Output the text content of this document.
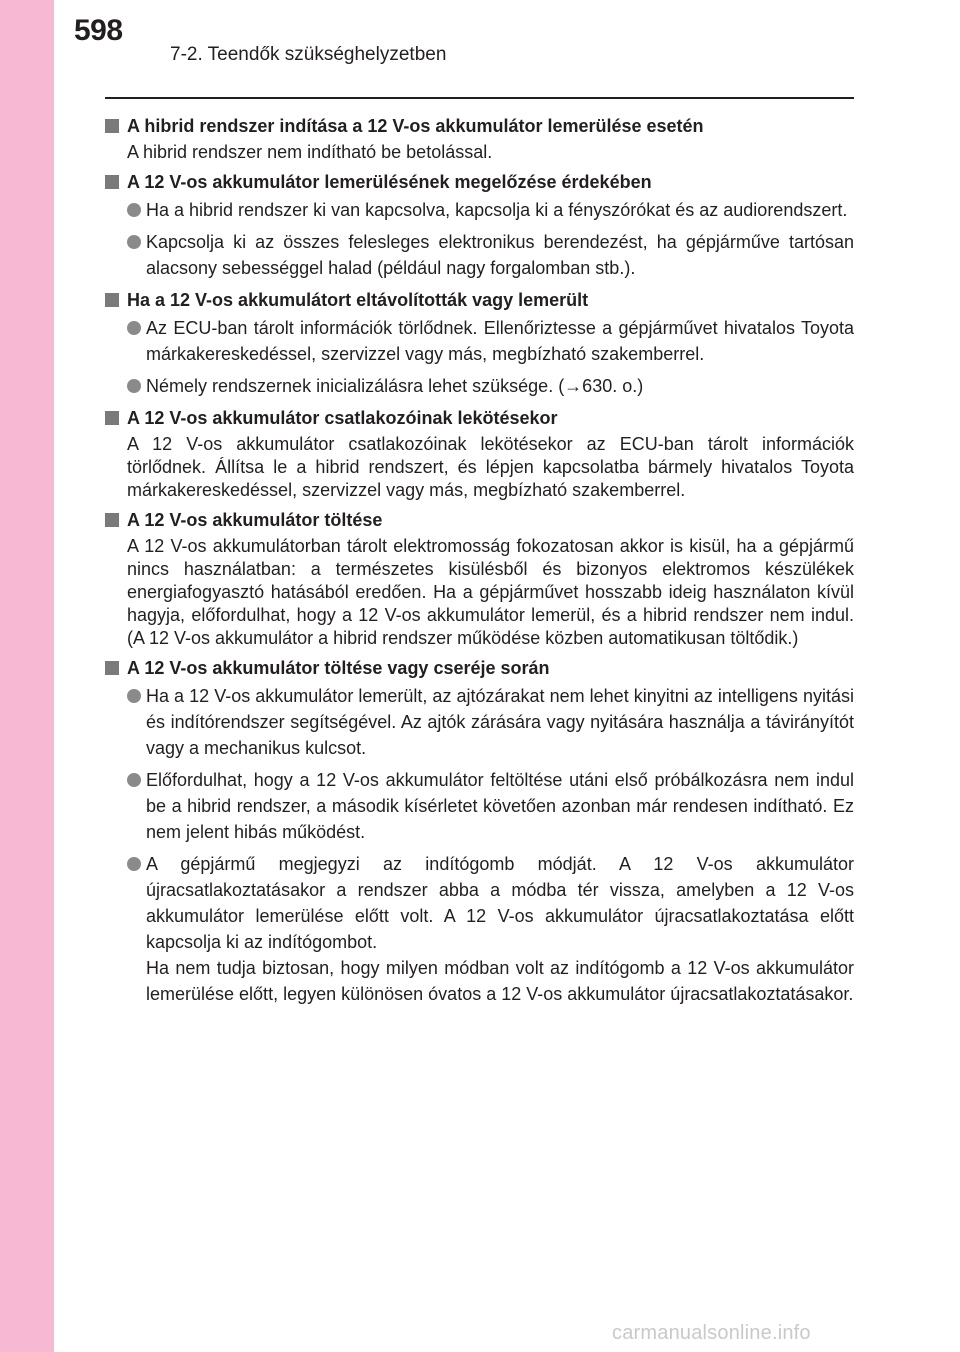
598
7-2. Teendők szükséghelyzetben
A hibrid rendszer indítása a 12 V-os akkumulátor lemerülése esetén
A hibrid rendszer nem indítható be betolással.
A 12 V-os akkumulátor lemerülésének megelőzése érdekében
Ha a hibrid rendszer ki van kapcsolva, kapcsolja ki a fényszórókat és az audiorendszert.
Kapcsolja ki az összes felesleges elektronikus berendezést, ha gépjárműve tartósan alacsony sebességgel halad (például nagy forgalomban stb.).
Ha a 12 V-os akkumulátort eltávolították vagy lemerült
Az ECU-ban tárolt információk törlődnek. Ellenőriztesse a gépjárművet hivatalos Toyota márkakereskedéssel, szervizzel vagy más, megbízható szakemberrel.
Némely rendszernek inicializálásra lehet szüksége. (→630. o.)
A 12 V-os akkumulátor csatlakozóinak lekötésekor
A 12 V-os akkumulátor csatlakozóinak lekötésekor az ECU-ban tárolt információk törlődnek. Állítsa le a hibrid rendszert, és lépjen kapcsolatba bármely hivatalos Toyota márkakereskedéssel, szervizzel vagy más, megbízható szakemberrel.
A 12 V-os akkumulátor töltése
A 12 V-os akkumulátorban tárolt elektromosság fokozatosan akkor is kisül, ha a gépjármű nincs használatban: a természetes kisülésből és bizonyos elektromos készülékek energiafogyasztó hatásából eredően. Ha a gépjárművet hosszabb ideig használaton kívül hagyja, előfordulhat, hogy a 12 V-os akkumulátor lemerül, és a hibrid rendszer nem indul. (A 12 V-os akkumulátor a hibrid rendszer működése közben automatikusan töltődik.)
A 12 V-os akkumulátor töltése vagy cseréje során
Ha a 12 V-os akkumulátor lemerült, az ajtózárakat nem lehet kinyitni az intelligens nyitási és indítórendszer segítségével. Az ajtók zárására vagy nyitására használja a távirányítót vagy a mechanikus kulcsot.
Előfordulhat, hogy a 12 V-os akkumulátor feltöltése utáni első próbálkozásra nem indul be a hibrid rendszer, a második kísérletet követően azonban már rendesen indítható. Ez nem jelent hibás működést.
A gépjármű megjegyzi az indítógomb módját. A 12 V-os akkumulátor újracsatlakoztatásakor a rendszer abba a módba tér vissza, amelyben a 12 V-os akkumulátor lemerülése előtt volt. A 12 V-os akkumulátor újracsatlakoztatása előtt kapcsolja ki az indítógombot.
Ha nem tudja biztosan, hogy milyen módban volt az indítógomb a 12 V-os akkumulátor lemerülése előtt, legyen különösen óvatos a 12 V-os akkumulátor újracsatlakoztatásakor.
carmanualsonline.info
